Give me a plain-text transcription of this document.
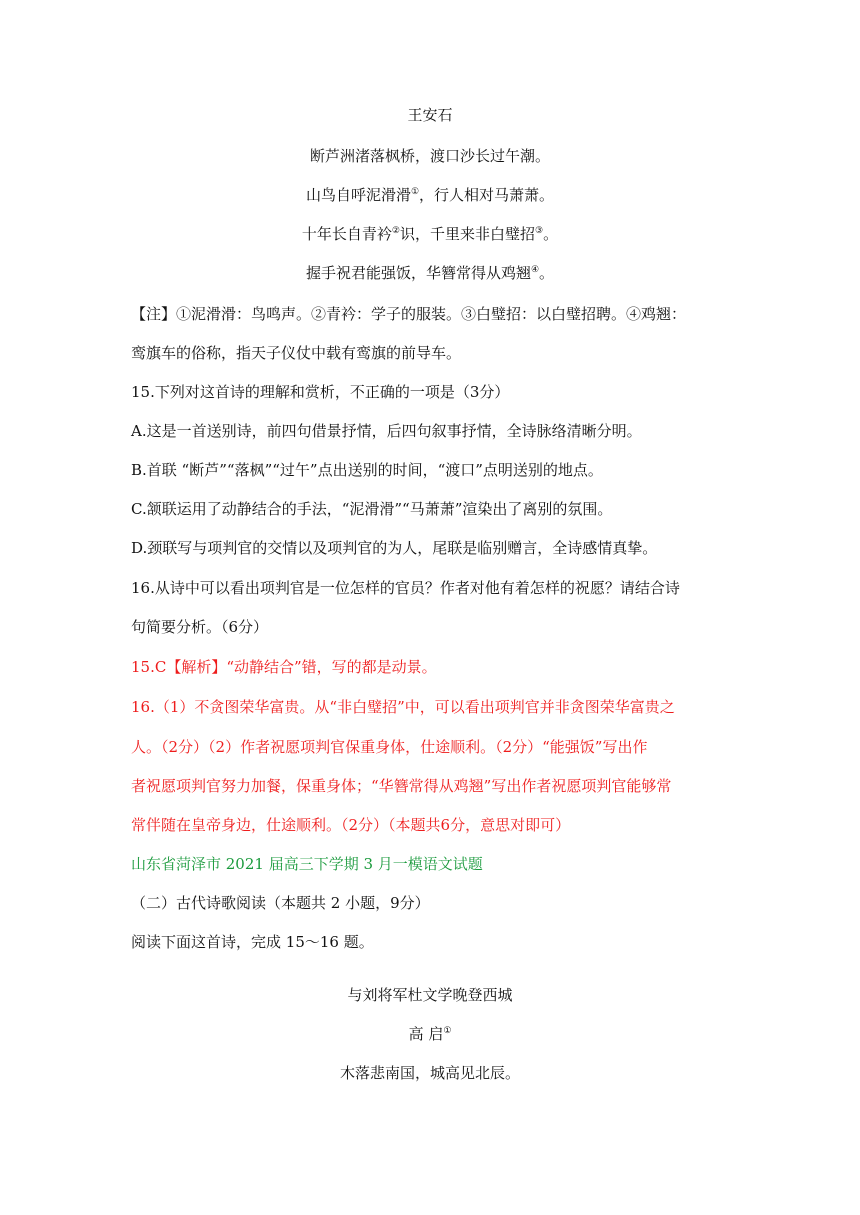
王安石
断芦洲渚落枫桥，渡口沙长过午潮。
山鸟自呼泥滑滑①，行人相对马萧萧。
十年长自青衿②识，千里来非白璧招③。
握手祝君能强饭，华簪常得从鸡翘④。
【注】①泥滑滑：鸟鸣声。②青衿：学子的服装。③白璧招：以白璧招聘。④鸡翘：
鸾旗车的俗称，指天子仪仗中载有鸾旗的前导车。
15.下列对这首诗的理解和赏析，不正确的一项是（3分）
A.这是一首送别诗，前四句借景抒情，后四句叙事抒情，全诗脉络清晰分明。
B.首联 “断芦”“落枫”“过午”点出送别的时间，“渡口”点明送别的地点。
C.颔联运用了动静结合的手法，“泥滑滑”“马萧萧”渲染出了离别的氛围。
D.颈联写与项判官的交情以及项判官的为人，尾联是临别赠言，全诗感情真挚。
16.从诗中可以看出项判官是一位怎样的官员？作者对他有着怎样的祝愿？请结合诗
句简要分析。（6分）
15.C【解析】“动静结合”错，写的都是动景。
16.（1）不贪图荣华富贵。从“非白璧招”中，可以看出项判官并非贪图荣华富贵之
人。（2分）（2）作者祝愿项判官保重身体，仕途顺利。（2分）“能强饭”写出作
者祝愿项判官努力加餐，保重身体；“华簪常得从鸡翘”写出作者祝愿项判官能够常
常伴随在皇帝身边，仕途顺利。（2分）（本题共6分，意思对即可）
山东省菏泽市 2021 届高三下学期 3 月一模语文试题
（二）古代诗歌阅读（本题共 2 小题，9分）
阅读下面这首诗，完成 15～16 题。
与刘将军杜文学晚登西城
高 启①
木落悲南国，城高见北辰。
